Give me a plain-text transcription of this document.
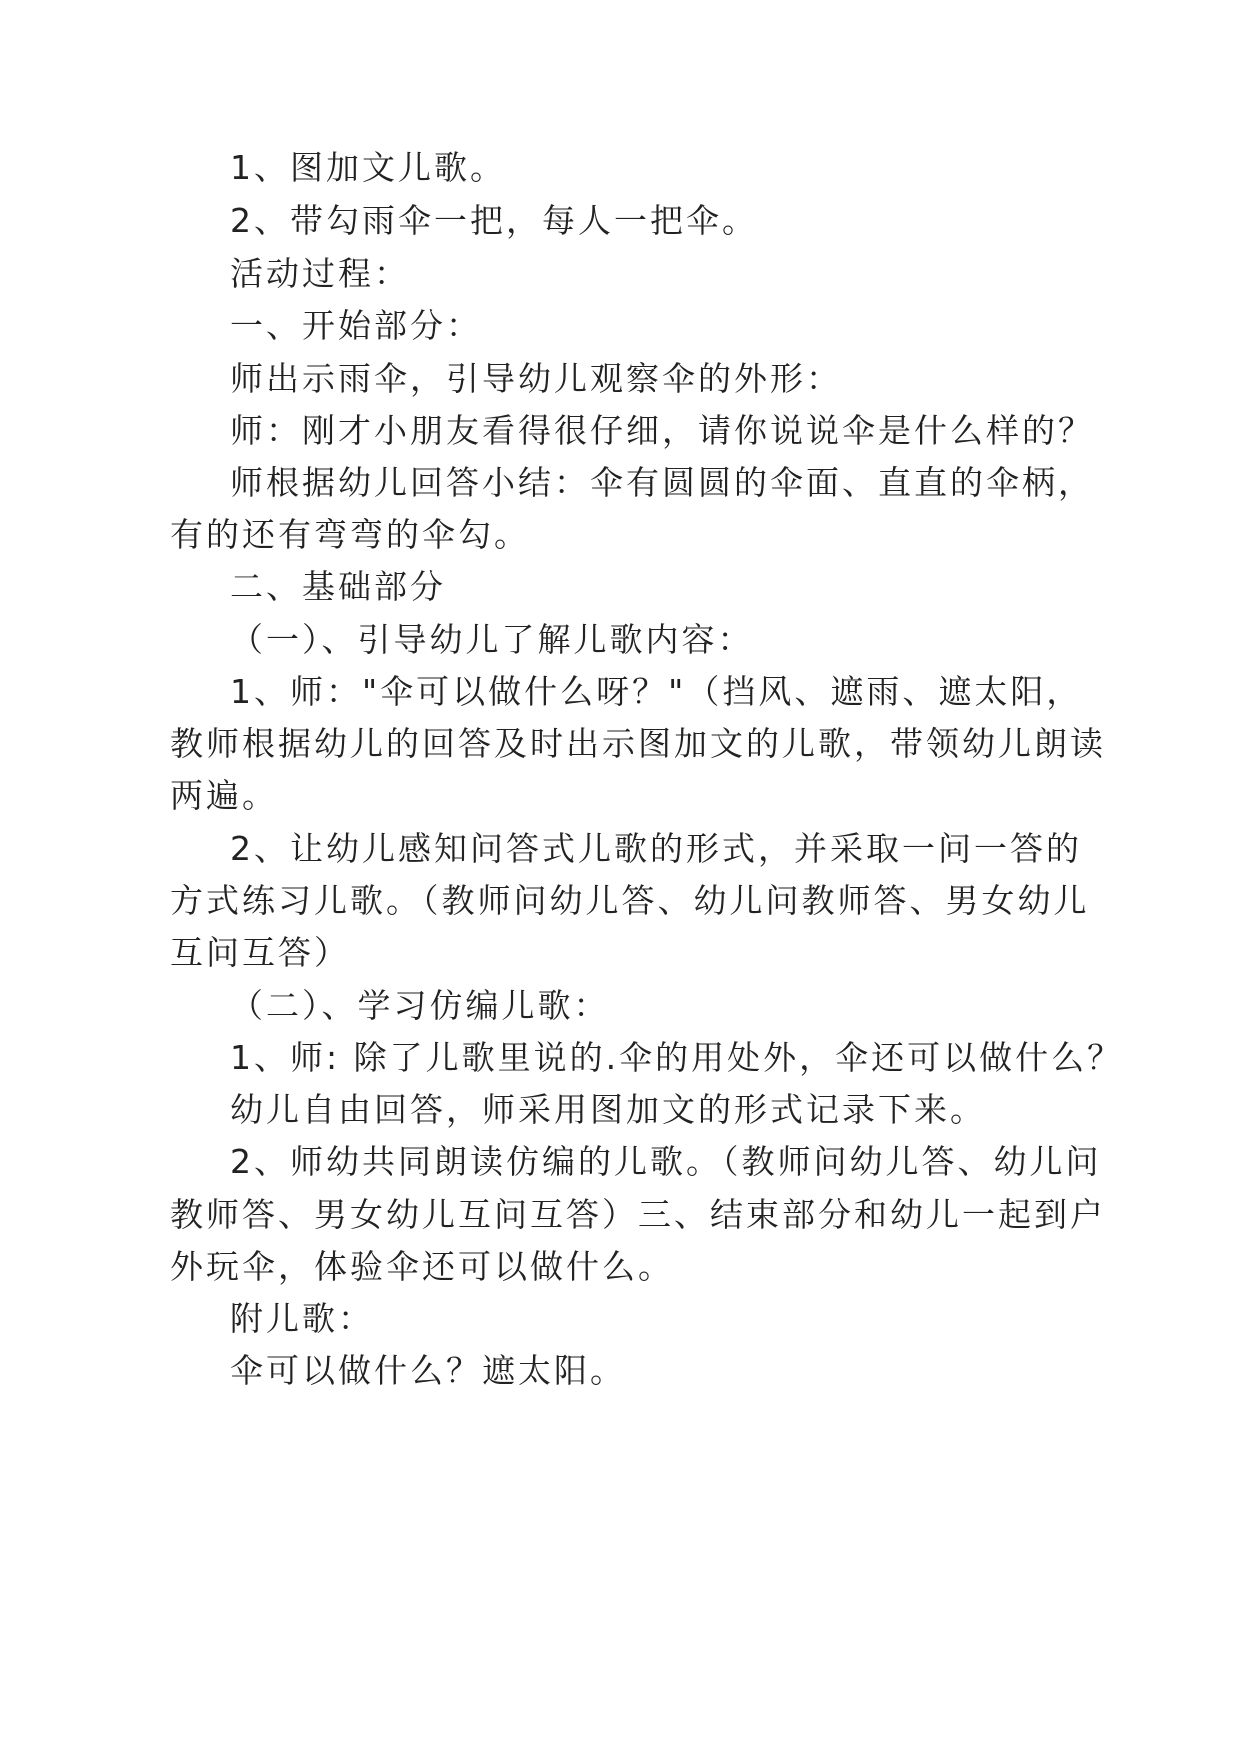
1、图加文儿歌。
2、带勾雨伞一把，每人一把伞。
活动过程：
一、开始部分：
师出示雨伞，引导幼儿观察伞的外形：
师：刚才小朋友看得很仔细，请你说说伞是什么样的？
师根据幼儿回答小结：伞有圆圆的伞面、直直的伞柄，
有的还有弯弯的伞勾。
二、基础部分
（一）、引导幼儿了解儿歌内容：
1、师："伞可以做什么呀？"（挡风、遮雨、遮太阳，
教师根据幼儿的回答及时出示图加文的儿歌，带领幼儿朗读
两遍。
2、让幼儿感知问答式儿歌的形式，并采取一问一答的
方式练习儿歌。（教师问幼儿答、幼儿问教师答、男女幼儿
互问互答）
（二）、学习仿编儿歌：
1、师: 除了儿歌里说的.伞的用处外，伞还可以做什么？
幼儿自由回答，师采用图加文的形式记录下来。
2、师幼共同朗读仿编的儿歌。（教师问幼儿答、幼儿问
教师答、男女幼儿互问互答）三、结束部分和幼儿一起到户
外玩伞，体验伞还可以做什么。
附儿歌：
伞可以做什么？遮太阳。
